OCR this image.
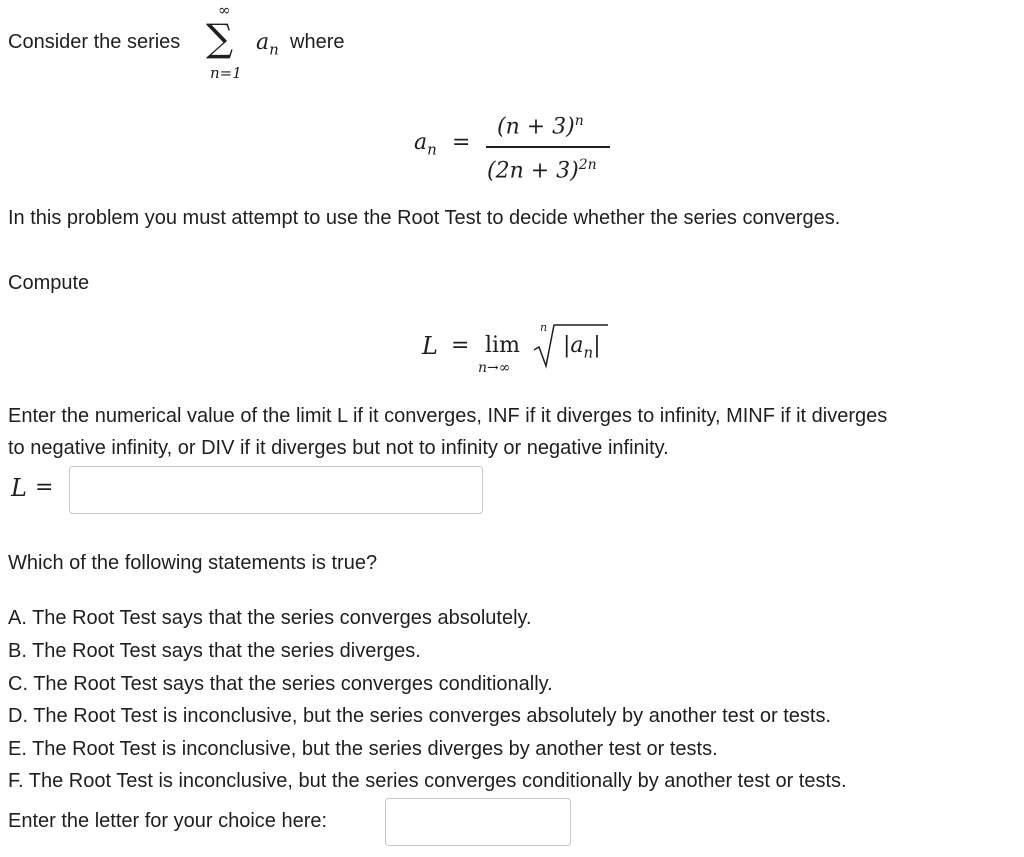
Consider the series
∞
∑
n=1
$a_n$ where
$a_n$ =
$(n + 3)^n$
$(2n + 3)^{2n}$
In this problem you must attempt to use the Root Test to decide whether the series converges.
Compute
L = lim
n→∞
n
$|a_n|$
Enter the numerical value of the limit L if it converges, INF if it diverges to infinity, MINF if it diverges
to negative infinity, or DIV if it diverges but not to infinity or negative infinity.
L =
Which of the following statements is true?
A. The Root Test says that the series converges absolutely.
B. The Root Test says that the series diverges.
C. The Root Test says that the series converges conditionally.
D. The Root Test is inconclusive, but the series converges absolutely by another test or tests.
E. The Root Test is inconclusive, but the series diverges by another test or tests.
F. The Root Test is inconclusive, but the series converges conditionally by another test or tests.
Enter the letter for your choice here:
